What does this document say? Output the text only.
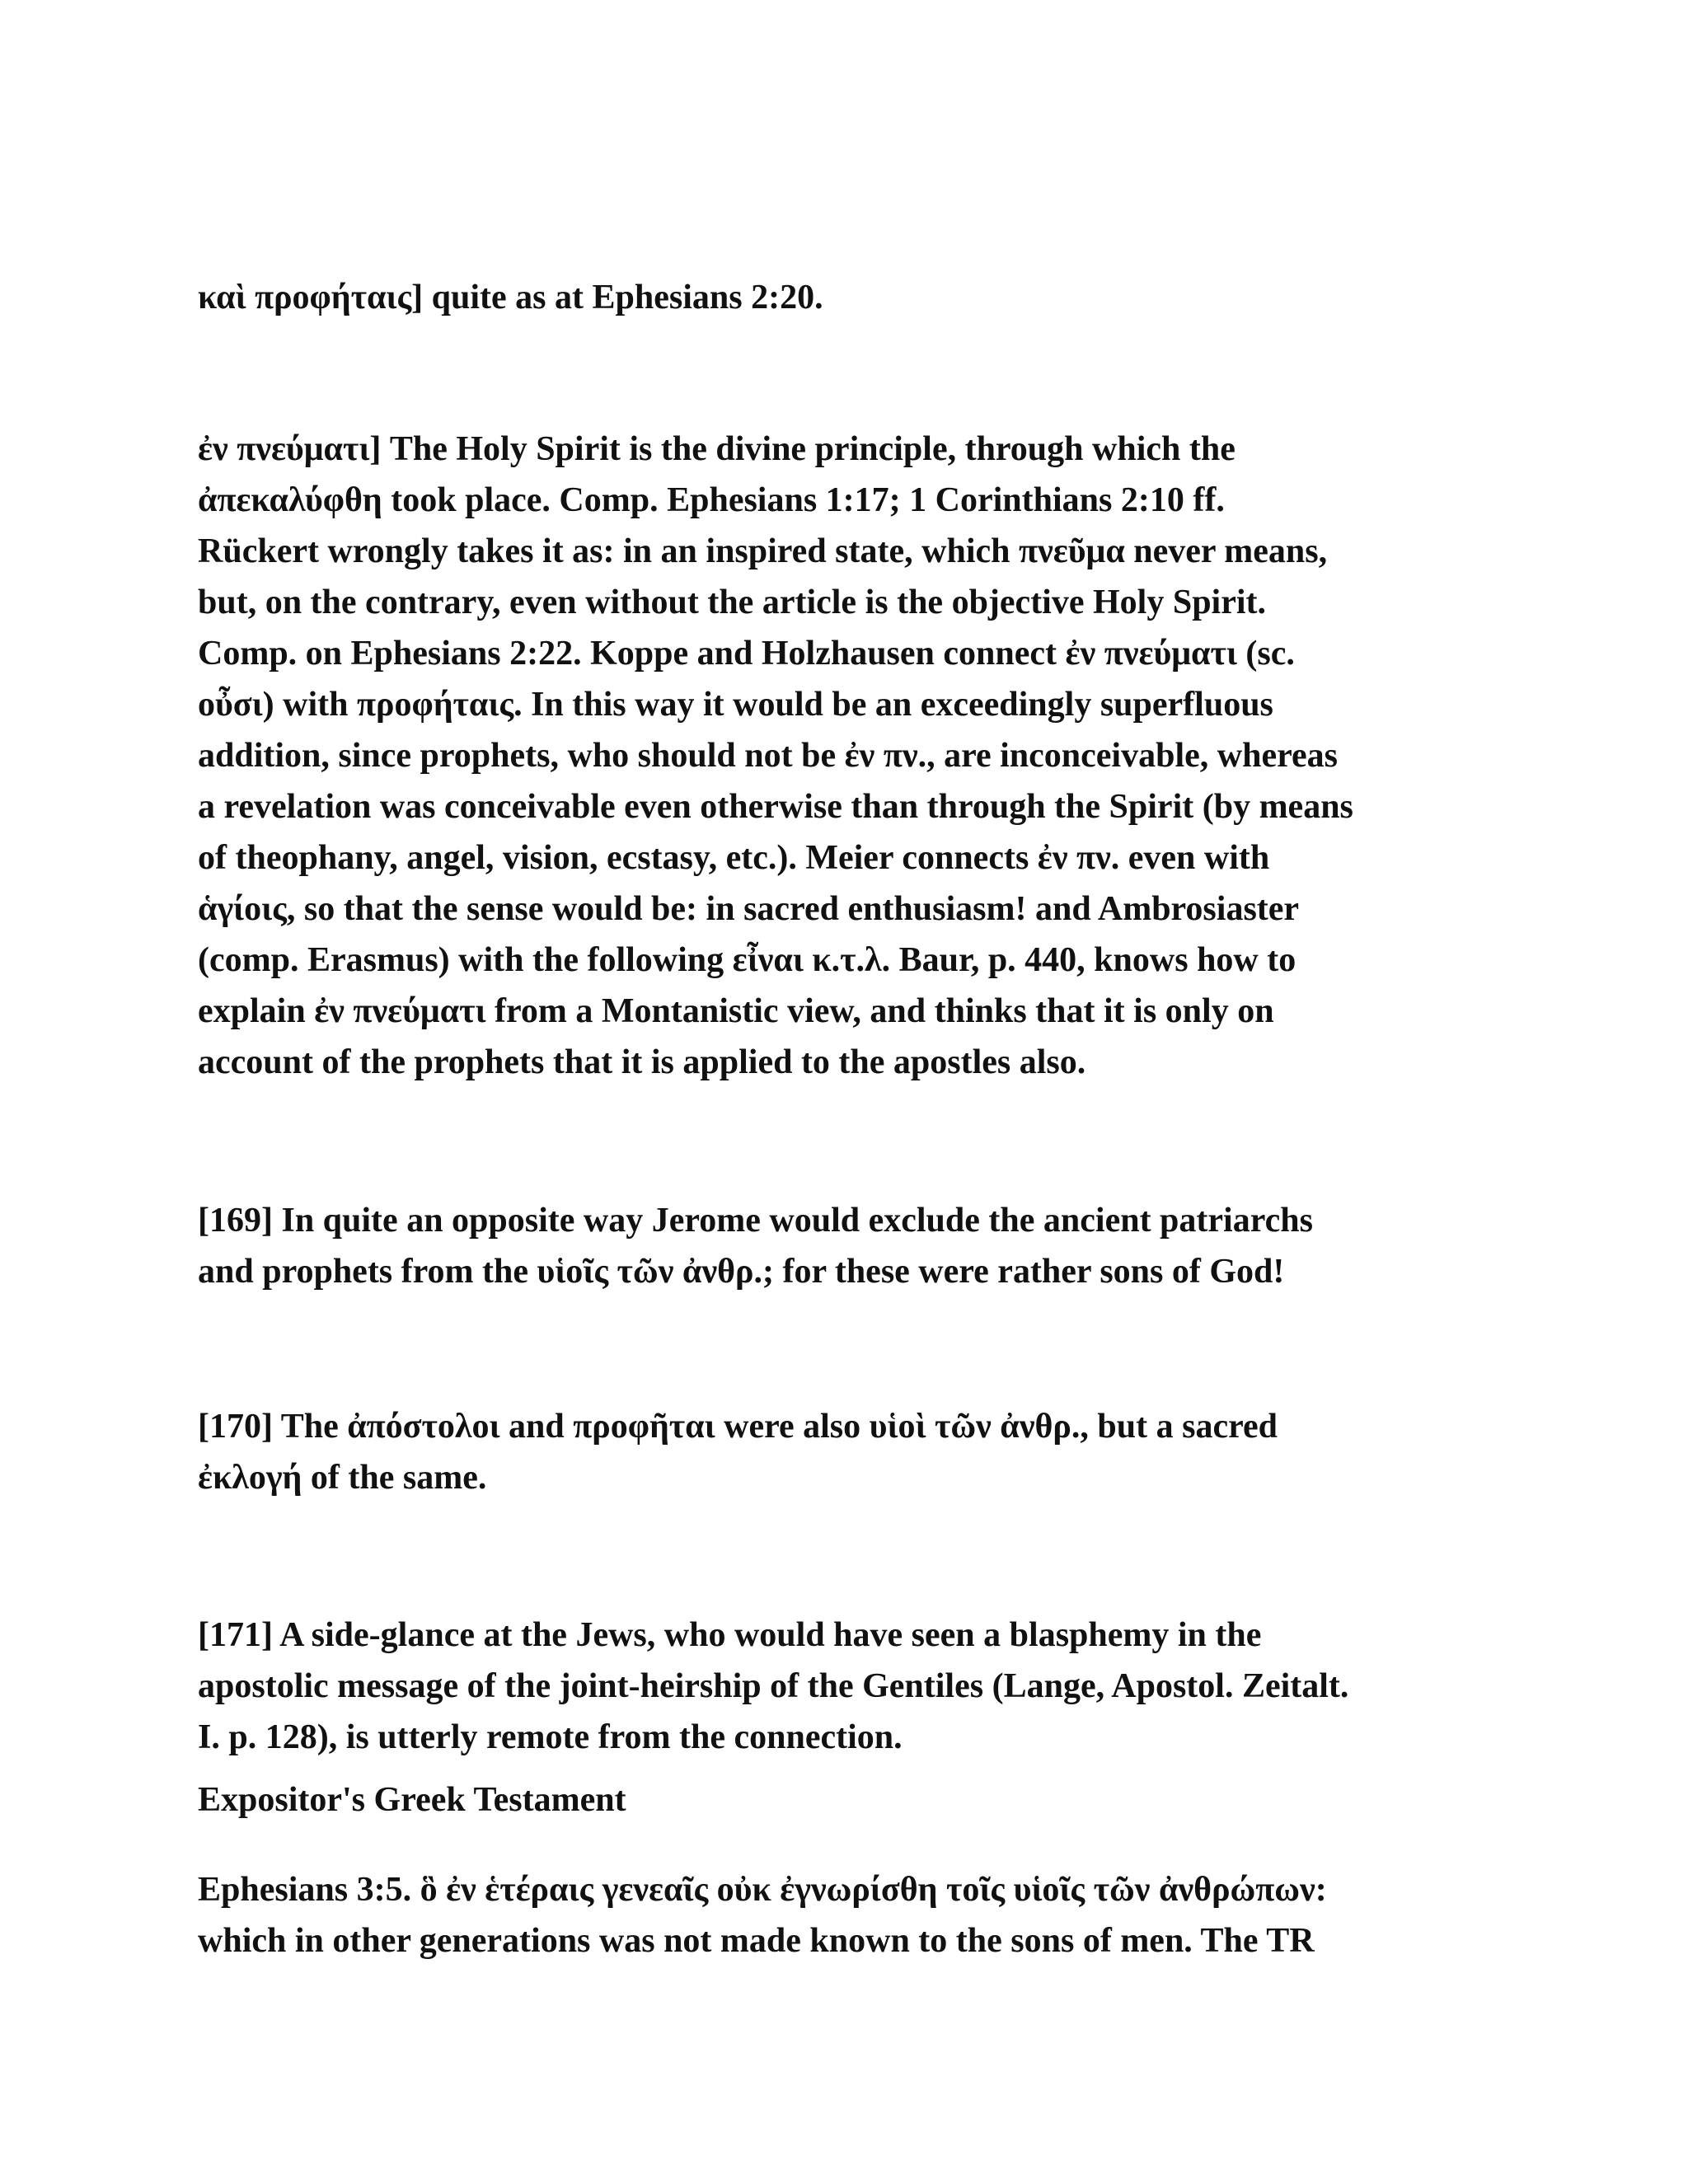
καὶ προφήταις] quite as at Ephesians 2:20.

ἐν πνεύματι] The Holy Spirit is the divine principle, through which the
ἀπεκαλύφθη took place. Comp. Ephesians 1:17; 1 Corinthians 2:10 ff.
Rückert wrongly takes it as: in an inspired state, which πνεῦμα never means,
but, on the contrary, even without the article is the objective Holy Spirit.
Comp. on Ephesians 2:22. Koppe and Holzhausen connect ἐν πνεύματι (sc.
οὖσι) with προφήταις. In this way it would be an exceedingly superfluous
addition, since prophets, who should not be ἐν πν., are inconceivable, whereas
a revelation was conceivable even otherwise than through the Spirit (by means
of theophany, angel, vision, ecstasy, etc.). Meier connects ἐν πν. even with
ἁγίοις, so that the sense would be: in sacred enthusiasm! and Ambrosiaster
(comp. Erasmus) with the following εἶναι κ.τ.λ. Baur, p. 440, knows how to
explain ἐν πνεύματι from a Montanistic view, and thinks that it is only on
account of the prophets that it is applied to the apostles also.

[169] In quite an opposite way Jerome would exclude the ancient patriarchs
and prophets from the υἱοῖς τῶν ἀνθρ.; for these were rather sons of God!

[170] The ἀπόστολοι and προφῆται were also υἱοὶ τῶν ἀνθρ., but a sacred
ἐκλογή of the same.

[171] A side-glance at the Jews, who would have seen a blasphemy in the
apostolic message of the joint-heirship of the Gentiles (Lange, Apostol. Zeitalt.
I. p. 128), is utterly remote from the connection.

Expositor's Greek Testament

Ephesians 3:5. ὃ ἐν ἑτέραις γενεαῖς οὐκ ἐγνωρίσθη τοῖς υἱοῖς τῶν ἀνθρώπων:
which in other generations was not made known to the sons of men. The TR
